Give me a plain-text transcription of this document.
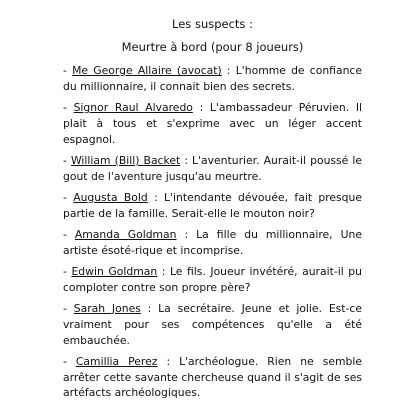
Les suspects :

Meurtre à bord (pour 8 joueurs)

- Me George Allaire (avocat) : L'homme de confiance du millionnaire, il connait bien des secrets.

- Signor Raul Alvaredo : L'ambassadeur Péruvien. Il plait à tous et s'exprime avec un léger accent espagnol.

- William (Bill) Backet : L'aventurier. Aurait-il poussé le gout de l'aventure jusqu'au meurtre.

- Augusta Bold : L'intendante dévouée, fait presque partie de la famille. Serait-elle le mouton noir?

- Amanda Goldman : La fille du millionnaire, Une artiste ésoté-rique et incomprise.

- Edwin Goldman : Le fils. Joueur invétéré, aurait-il pu comploter contre son propre père?

- Sarah Jones : La secrétaire. Jeune et jolie. Est-ce vraiment pour ses compétences qu'elle a été embauchée.

- Camillia Perez : L'archéologue. Rien ne semble arrêter cette savante chercheuse quand il s'agit de ses artéfacts archéologiques.
